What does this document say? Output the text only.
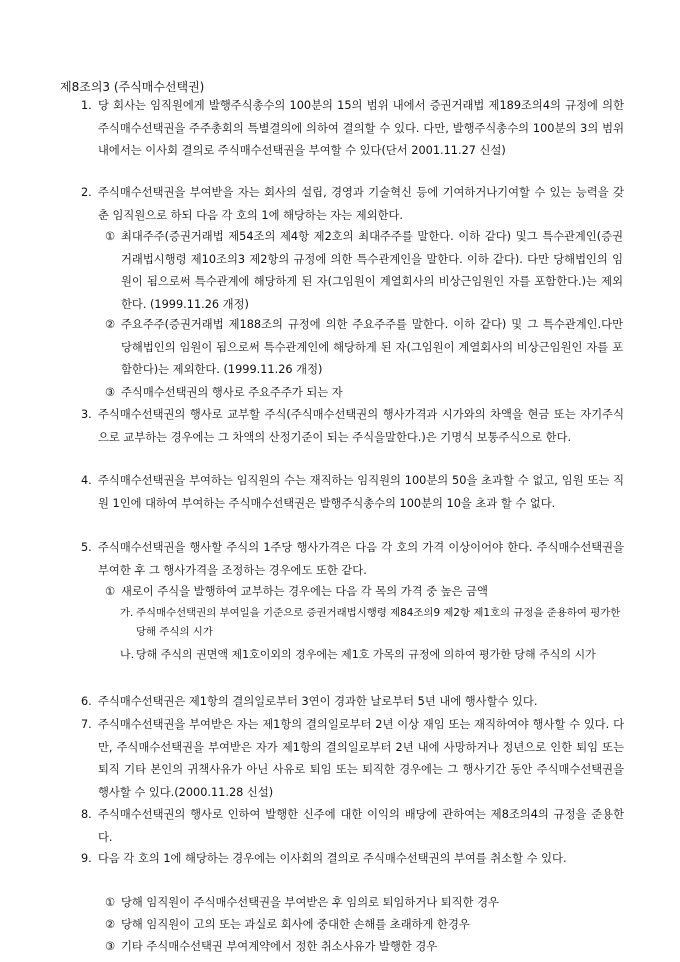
제8조의3 (주식매수선택권)
1. 당 회사는 임직원에게 발행주식총수의 100분의 15의 범위 내에서 증권거래법 제189조의4의 규정에 의한 주식매수선택권을 주주총회의 특별결의에 의하여 결의할 수 있다. 다만, 발행주식총수의 100분의 3의 범위 내에서는 이사회 결의로 주식매수선택권을 부여할 수 있다(단서 2001.11.27 신설)
2. 주식매수선택권을 부여받을 자는 회사의 설립, 경영과 기술혁신 등에 기여하거나기여할 수 있는 능력을 갖춘 임직원으로 하되 다음 각 호의 1에 해당하는 자는 제외한다.
① 최대주주(증권거래법 제54조의 제4항 제2호의 최대주주를 말한다. 이하 같다) 및그 특수관계인(증권거래법시행령 제10조의3 제2항의 규정에 의한 특수관계인을 말한다. 이하 같다). 다만 당해법인의 임원이 됨으로써 특수관계에 해당하게 된 자(그임원이 계열회사의 비상근임원인 자를 포함한다.)는 제외한다. (1999.11.26 개정)
② 주요주주(증권거래법 제188조의 규정에 의한 주요주주를 말한다. 이하 같다) 및 그 특수관계인.다만 당해법인의 임원이 됨으로써 특수관계인에 해당하게 된 자(그임원이 계열회사의 비상근임원인 자를 포함한다)는 제외한다. (1999.11.26 개정)
③ 주식매수선택권의 행사로 주요주주가 되는 자
3. 주식매수선택권의 행사로 교부할 주식(주식매수선택권의 행사가격과 시가와의 차액을 현금 또는 자기주식으로 교부하는 경우에는 그 차액의 산정기준이 되는 주식을말한다.)은 기명식 보통주식으로 한다.
4. 주식매수선택권을 부여하는 임직원의 수는 재직하는 임직원의 100분의 50을 초과할 수 없고, 임원 또는 직원 1인에 대하여 부여하는 주식매수선택권은 발행주식총수의 100분의 10을 초과 할 수 없다.
5. 주식매수선택권을 행사할 주식의 1주당 행사가격은 다음 각 호의 가격 이상이어야 한다. 주식매수선택권을 부여한 후 그 행사가격을 조정하는 경우에도 또한 같다.
① 새로이 주식을 발행하여 교부하는 경우에는 다음 각 목의 가격 중 높은 금액
가. 주식매수선택권의 부여일을 기준으로 증권거래법시행령 제84조의9 제2항 제1호의 규정을 준용하여 평가한 당해 주식의 시가
나. 당해 주식의 권면액 제1호이외의 경우에는 제1호 가목의 규정에 의하여 평가한 당해 주식의 시가
6. 주식매수선택권은 제1항의 결의일로부터 3연이 경과한 날로부터 5년 내에 행사할수 있다.
7. 주식매수선택권을 부여받은 자는 제1항의 결의일로부터 2년 이상 재임 또는 재직하여야 행사할 수 있다. 다만, 주식매수선택권을 부여받은 자가 제1항의 결의일로부터 2년 내에 사망하거나 정년으로 인한 퇴임 또는 퇴직 기타 본인의 귀책사유가 아닌 사유로 퇴임 또는 퇴직한 경우에는 그 행사기간 동안 주식매수선택권을 행사할 수 있다.(2000.11.28 신설)
8. 주식매수선택권의 행사로 인하여 발행한 신주에 대한 이익의 배당에 관하여는 제8조의4의 규정을 준용한다.
9. 다음 각 호의 1에 해당하는 경우에는 이사회의 결의로 주식매수선택권의 부여를 취소할 수 있다.
① 당해 임직원이 주식매수선택권을 부여받은 후 임의로 퇴임하거나 퇴직한 경우
② 당해 임직원이 고의 또는 과실로 회사에 중대한 손해를 초래하게 한경우
③ 기타 주식매수선택권 부여계약에서 정한 취소사유가 발행한 경우
